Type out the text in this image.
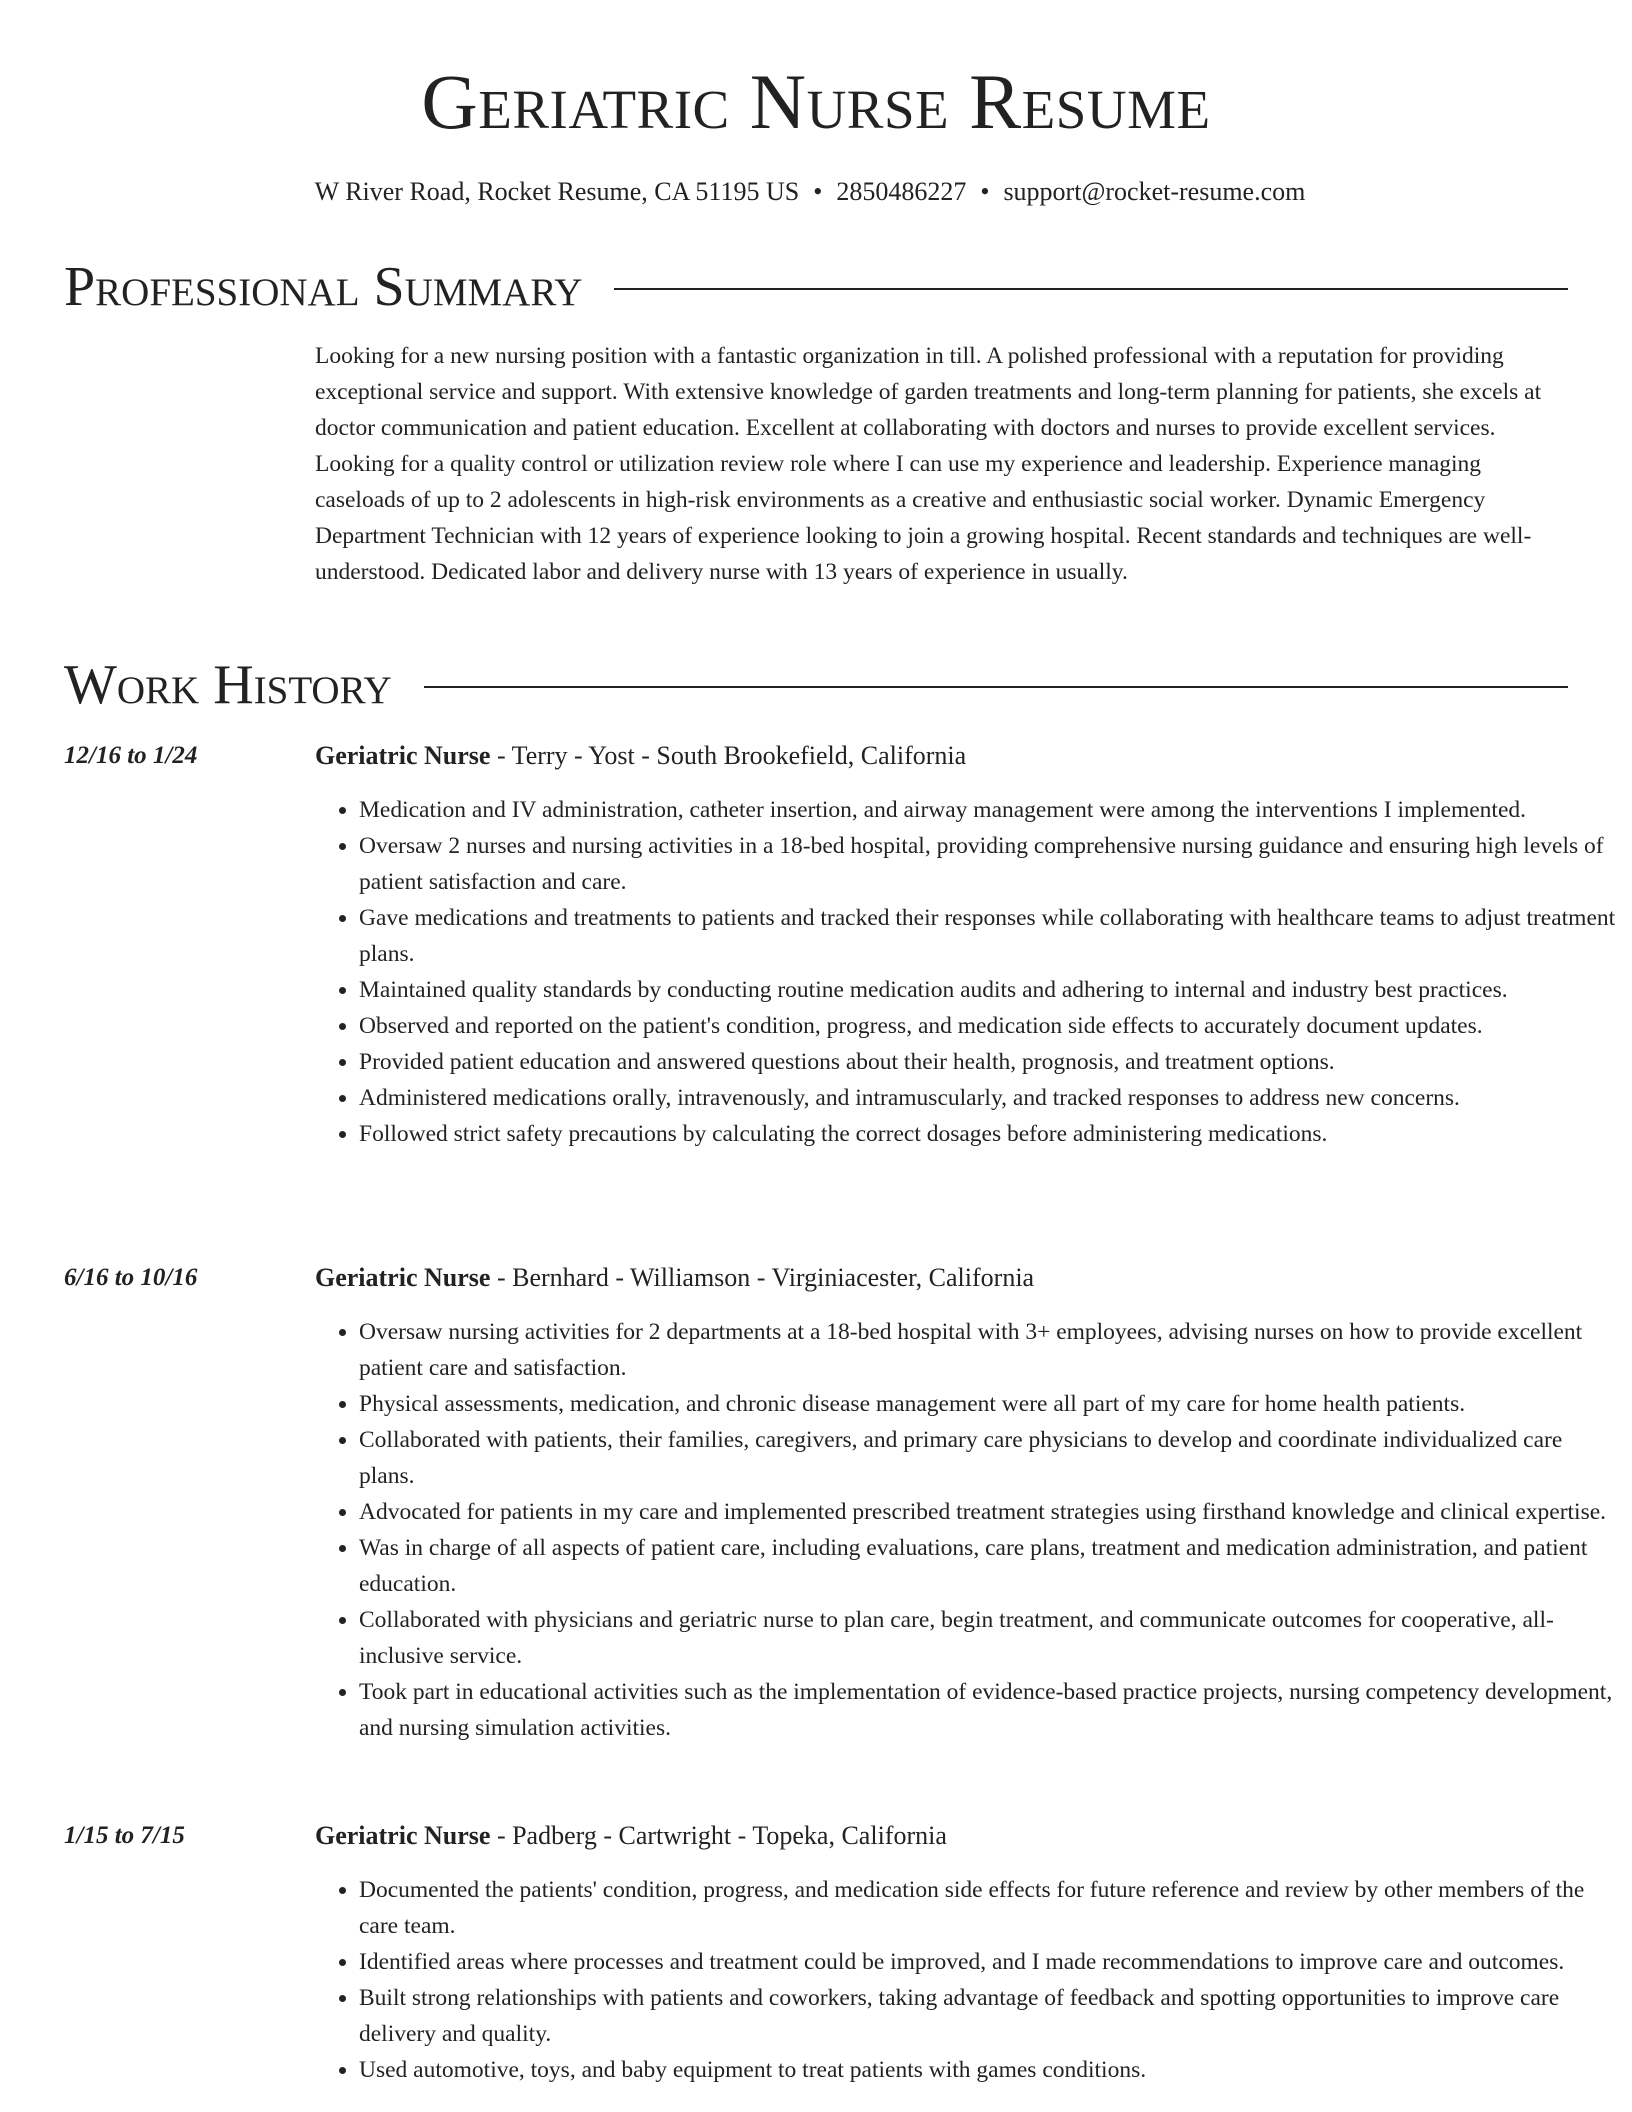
Geriatric Nurse Resume
W River Road, Rocket Resume, CA 51195 US • 2850486227 • support@rocket-resume.com
Professional Summary

Looking for a new nursing position with a fantastic organization in till. A polished professional with a reputation for providing exceptional service and support. With extensive knowledge of garden treatments and long-term planning for patients, she excels at doctor communication and patient education. Excellent at collaborating with doctors and nurses to provide excellent services. Looking for a quality control or utilization review role where I can use my experience and leadership. Experience managing caseloads of up to 2 adolescents in high-risk environments as a creative and enthusiastic social worker. Dynamic Emergency Department Technician with 12 years of experience looking to join a growing hospital. Recent standards and techniques are well-understood. Dedicated labor and delivery nurse with 13 years of experience in usually.

Work History
12/16 to 1/24	Geriatric Nurse - Terry - Yost - South Brookefield, California
• Medication and IV administration, catheter insertion, and airway management were among the interventions I implemented.
• Oversaw 2 nurses and nursing activities in a 18-bed hospital, providing comprehensive nursing guidance and ensuring high levels of patient satisfaction and care.
• Gave medications and treatments to patients and tracked their responses while collaborating with healthcare teams to adjust treatment plans.
• Maintained quality standards by conducting routine medication audits and adhering to internal and industry best practices.
• Observed and reported on the patient's condition, progress, and medication side effects to accurately document updates.
• Provided patient education and answered questions about their health, prognosis, and treatment options.
• Administered medications orally, intravenously, and intramuscularly, and tracked responses to address new concerns.
• Followed strict safety precautions by calculating the correct dosages before administering medications.
6/16 to 10/16	Geriatric Nurse - Bernhard - Williamson - Virginiacester, California
• Oversaw nursing activities for 2 departments at a 18-bed hospital with 3+ employees, advising nurses on how to provide excellent patient care and satisfaction.
• Physical assessments, medication, and chronic disease management were all part of my care for home health patients.
• Collaborated with patients, their families, caregivers, and primary care physicians to develop and coordinate individualized care plans.
• Advocated for patients in my care and implemented prescribed treatment strategies using firsthand knowledge and clinical expertise.
• Was in charge of all aspects of patient care, including evaluations, care plans, treatment and medication administration, and patient education.
• Collaborated with physicians and geriatric nurse to plan care, begin treatment, and communicate outcomes for cooperative, all-inclusive service.
• Took part in educational activities such as the implementation of evidence-based practice projects, nursing competency development, and nursing simulation activities.
1/15 to 7/15	Geriatric Nurse - Padberg - Cartwright - Topeka, California
• Documented the patients' condition, progress, and medication side effects for future reference and review by other members of the care team.
• Identified areas where processes and treatment could be improved, and I made recommendations to improve care and outcomes.
• Built strong relationships with patients and coworkers, taking advantage of feedback and spotting opportunities to improve care delivery and quality.
• Used automotive, toys, and baby equipment to treat patients with games conditions.
